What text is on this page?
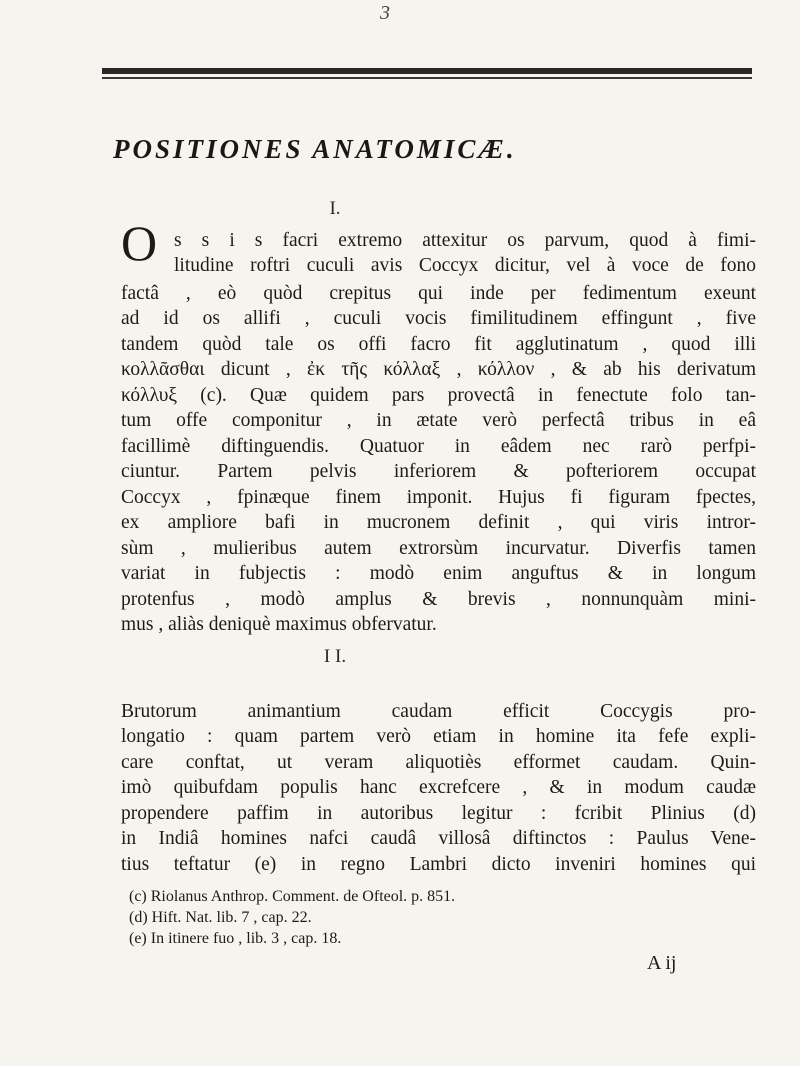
3
POSITIONES ANATOMICÆ.
I.
O s s i s facri extremo attexitur os parvum, quod à fimi-
litudine roftri cuculi avis Coccyx dicitur, vel à voce de fono
factâ , eò quòd crepitus qui inde per fedimentum exeunt
ad id os allifi , cuculi vocis fimilitudinem effingunt , five
tandem quòd tale os offi facro fit agglutinatum , quod illi
κολλᾶσθαι dicunt , ἐκ τῆς κόλλαξ , κόλλον , & ab his derivatum
κόλλυξ (c). Quæ quidem pars provectâ in fenectute folo tan-
tum offe componitur , in ætate verò perfectâ tribus in eâ
facillimè diftinguendis. Quatuor in eâdem nec rarò perfpi-
ciuntur. Partem pelvis inferiorem & pofteriorem occupat
Coccyx , fpinæque finem imponit. Hujus fi figuram fpectes,
ex ampliore bafi in mucronem definit , qui viris intror-
sùm , mulieribus autem extrorsùm incurvatur. Diverfis tamen
variat in fubjectis : modò enim anguftus & in longum
protenfus , modò amplus & brevis , nonnunquàm mini-
mus , aliàs deniquè maximus obfervatur.
I I.
Brutorum animantium caudam efficit Coccygis pro-
longatio : quam partem verò etiam in homine ita fefe expli-
care conftat, ut veram aliquotiès efformet caudam. Quin-
imò quibufdam populis hanc excrefcere , & in modum caudæ
propendere paffim in autoribus legitur : fcribit Plinius (d)
in Indiâ homines nafci caudâ villosâ diftinctos : Paulus Vene-
tius teftatur (e) in regno Lambri dicto inveniri homines qui
(c) Riolanus Anthrop. Comment. de Ofteol. p. 851.
(d) Hift. Nat. lib. 7 , cap. 22.
(e) In itinere fuo , lib. 3 , cap. 18.
A ij
